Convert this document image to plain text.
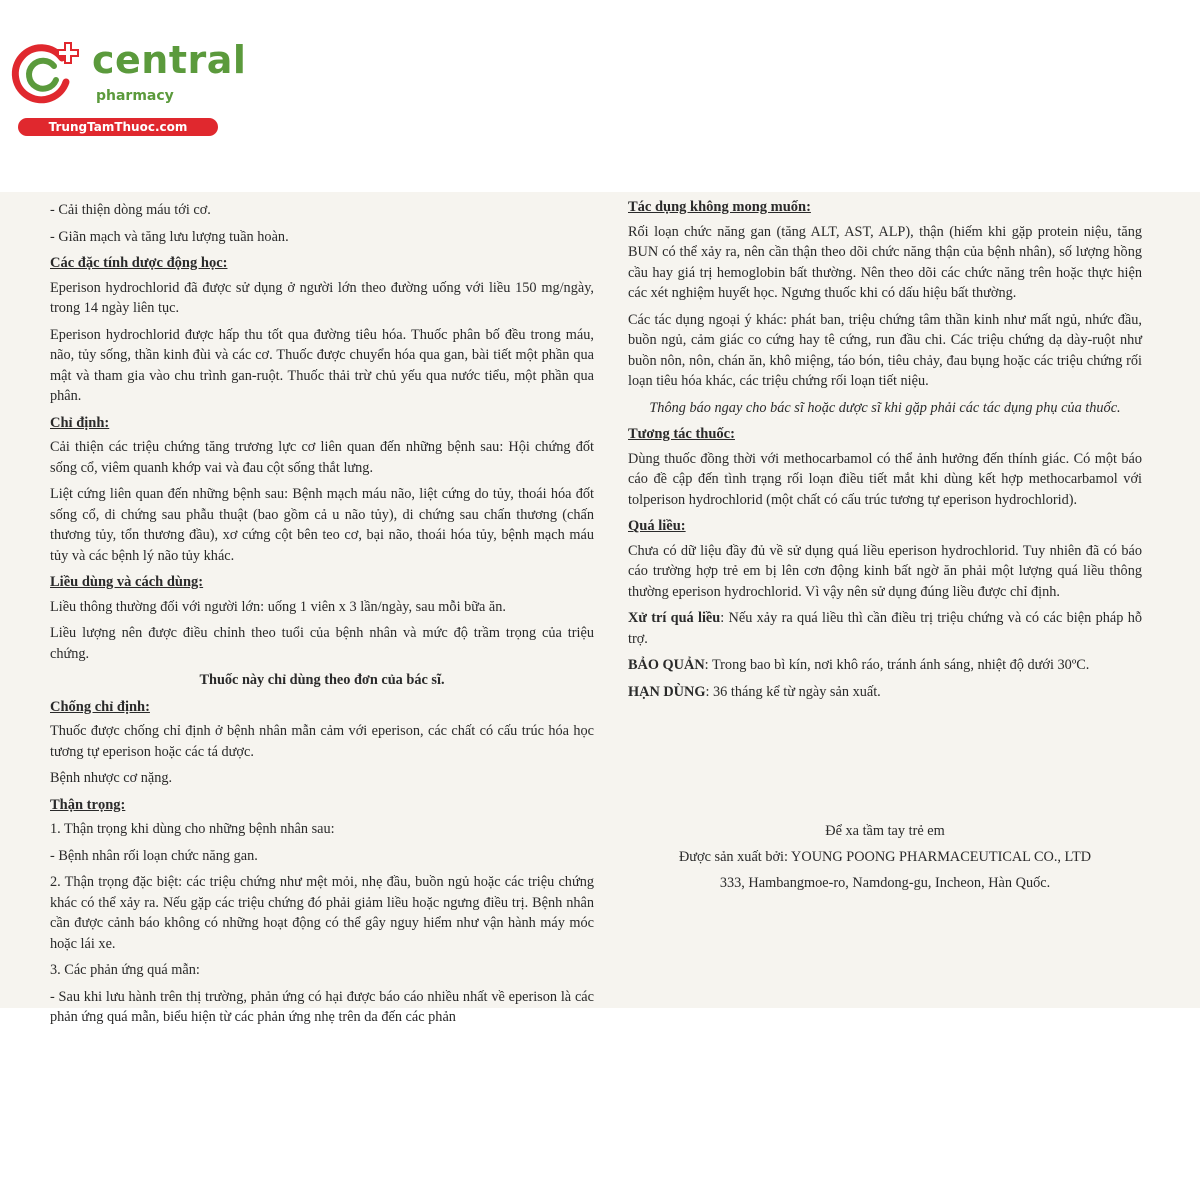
central
pharmacy
TrungTamThuoc.com

- Cải thiện dòng máu tới cơ.

- Giãn mạch và tăng lưu lượng tuần hoàn.

Các đặc tính dược động học:

Eperison hydrochlorid đã được sử dụng ở người lớn theo đường uống với liều 150 mg/ngày, trong 14 ngày liên tục.

Eperison hydrochlorid được hấp thu tốt qua đường tiêu hóa. Thuốc phân bố đều trong máu, não, tủy sống, thần kinh đùi và các cơ. Thuốc được chuyển hóa qua gan, bài tiết một phần qua mật và tham gia vào chu trình gan-ruột. Thuốc thải trừ chủ yếu qua nước tiểu, một phần qua phân.

Chỉ định:

Cải thiện các triệu chứng tăng trương lực cơ liên quan đến những bệnh sau: Hội chứng đốt sống cổ, viêm quanh khớp vai và đau cột sống thắt lưng.

Liệt cứng liên quan đến những bệnh sau: Bệnh mạch máu não, liệt cứng do tủy, thoái hóa đốt sống cổ, di chứng sau phẫu thuật (bao gồm cả u não tủy), di chứng sau chấn thương (chấn thương tủy, tổn thương đầu), xơ cứng cột bên teo cơ, bại não, thoái hóa tủy, bệnh mạch máu tủy và các bệnh lý não tủy khác.

Liều dùng và cách dùng:

Liều thông thường đối với người lớn: uống 1 viên x 3 lần/ngày, sau mỗi bữa ăn.

Liều lượng nên được điều chỉnh theo tuổi của bệnh nhân và mức độ trầm trọng của triệu chứng.

Thuốc này chỉ dùng theo đơn của bác sĩ.

Chống chỉ định:

Thuốc được chống chỉ định ở bệnh nhân mẫn cảm với eperison, các chất có cấu trúc hóa học tương tự eperison hoặc các tá dược.

Bệnh nhược cơ nặng.

Thận trọng:

1. Thận trọng khi dùng cho những bệnh nhân sau:

- Bệnh nhân rối loạn chức năng gan.

2. Thận trọng đặc biệt: các triệu chứng như mệt mỏi, nhẹ đầu, buồn ngủ hoặc các triệu chứng khác có thể xảy ra. Nếu gặp các triệu chứng đó phải giảm liều hoặc ngưng điều trị. Bệnh nhân cần được cảnh báo không có những hoạt động có thể gây nguy hiểm như vận hành máy móc hoặc lái xe.

3. Các phản ứng quá mẫn:

- Sau khi lưu hành trên thị trường, phản ứng có hại được báo cáo nhiều nhất về eperison là các phản ứng quá mẫn, biểu hiện từ các phản ứng nhẹ trên da đến các phản

Tác dụng không mong muốn:

Rối loạn chức năng gan (tăng ALT, AST, ALP), thận (hiếm khi gặp protein niệu, tăng BUN có thể xảy ra, nên cần thận theo dõi chức năng thận của bệnh nhân), số lượng hồng cầu hay giá trị hemoglobin bất thường. Nên theo dõi các chức năng trên hoặc thực hiện các xét nghiệm huyết học. Ngưng thuốc khi có dấu hiệu bất thường.

Các tác dụng ngoại ý khác: phát ban, triệu chứng tâm thần kinh như mất ngủ, nhức đầu, buồn ngủ, cảm giác co cứng hay tê cứng, run đầu chi. Các triệu chứng dạ dày-ruột như buồn nôn, nôn, chán ăn, khô miệng, táo bón, tiêu chảy, đau bụng hoặc các triệu chứng rối loạn tiêu hóa khác, các triệu chứng rối loạn tiết niệu.

Thông báo ngay cho bác sĩ hoặc dược sĩ khi gặp phải các tác dụng phụ của thuốc.

Tương tác thuốc:

Dùng thuốc đồng thời với methocarbamol có thể ảnh hưởng đến thính giác. Có một báo cáo đề cập đến tình trạng rối loạn điều tiết mắt khi dùng kết hợp methocarbamol với tolperison hydrochlorid (một chất có cấu trúc tương tự eperison hydrochlorid).

Quá liều:

Chưa có dữ liệu đầy đủ về sử dụng quá liều eperison hydrochlorid. Tuy nhiên đã có báo cáo trường hợp trẻ em bị lên cơn động kinh bất ngờ ăn phải một lượng quá liều thông thường eperison hydrochlorid. Vì vậy nên sử dụng đúng liều được chỉ định.

Xử trí quá liều: Nếu xảy ra quá liều thì cần điều trị triệu chứng và có các biện pháp hỗ trợ.

BẢO QUẢN: Trong bao bì kín, nơi khô ráo, tránh ánh sáng, nhiệt độ dưới 30ºC.

HẠN DÙNG: 36 tháng kể từ ngày sản xuất.

Để xa tầm tay trẻ em
Được sản xuất bởi: YOUNG POONG PHARMACEUTICAL CO., LTD
333, Hambangmoe-ro, Namdong-gu, Incheon, Hàn Quốc.
